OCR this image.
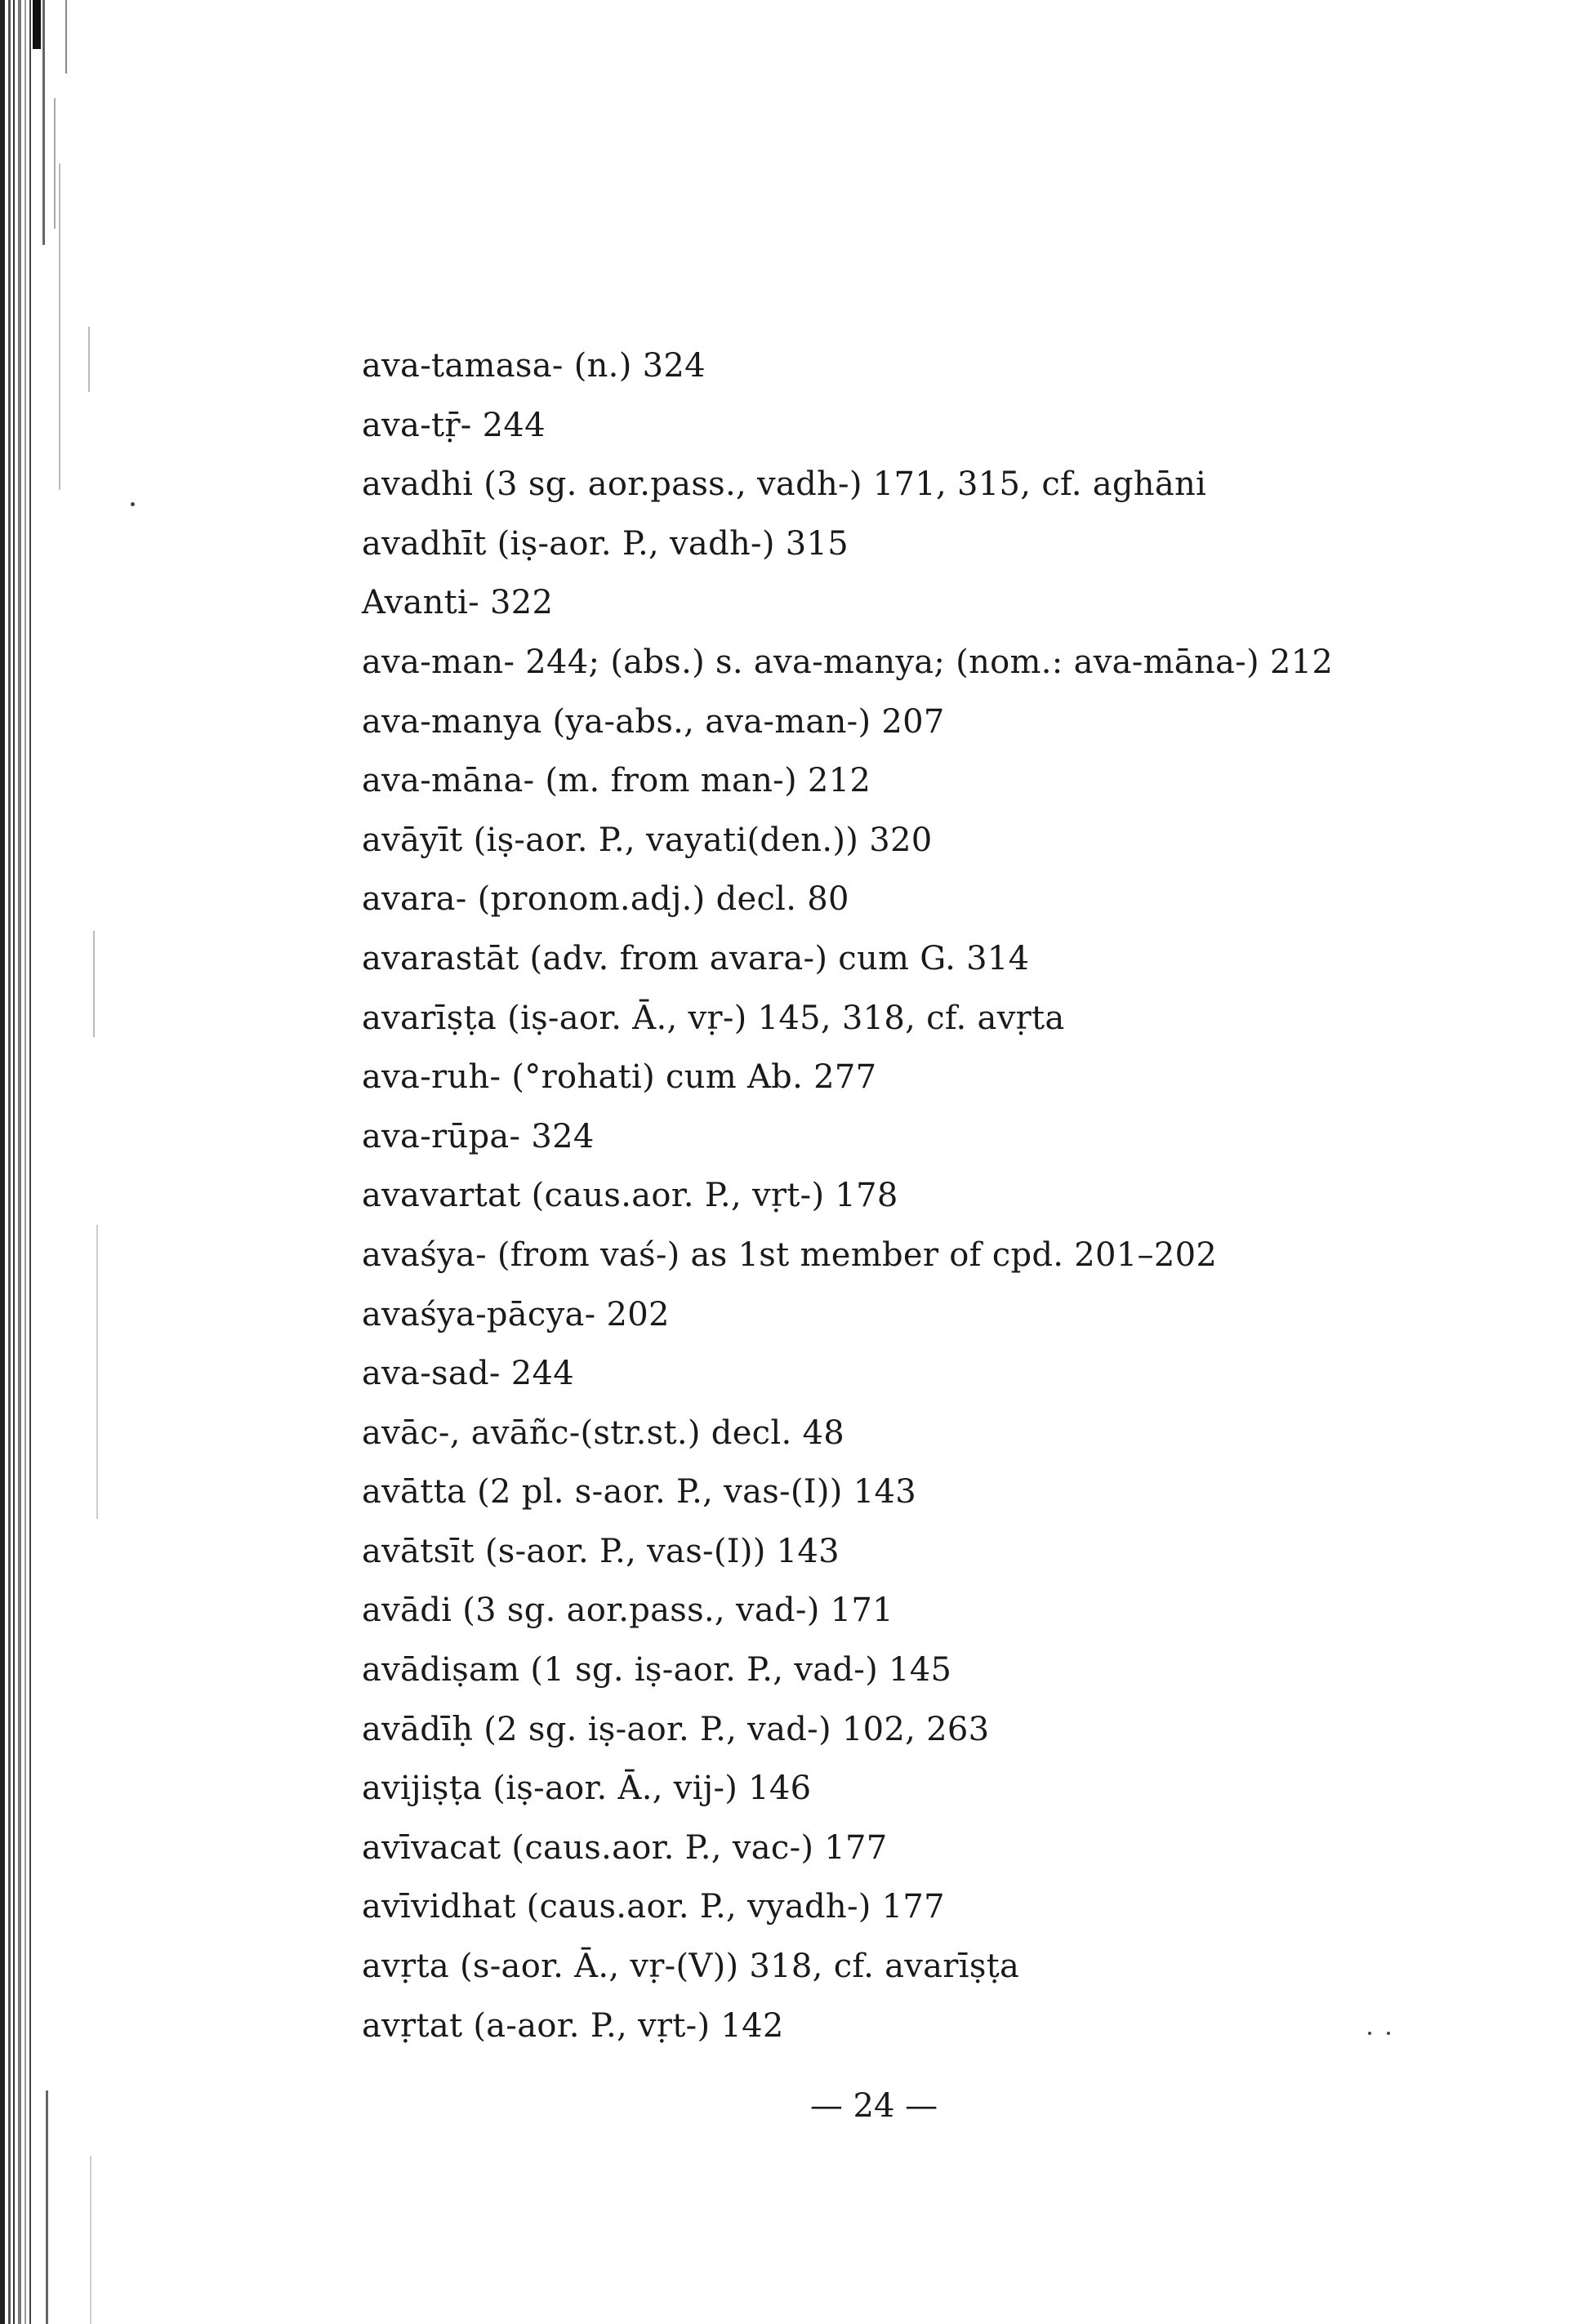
ava-tamasa- (n.) 324
ava-tṝ- 244
avadhi (3 sg. aor.pass., vadh-) 171, 315, cf. aghāni
avadhīt (iṣ-aor. P., vadh-) 315
Avanti- 322
ava-man- 244; (abs.) s. ava-manya; (nom.: ava-māna-) 212
ava-manya (ya-abs., ava-man-) 207
ava-māna- (m. from man-) 212
avāyīt (iṣ-aor. P., vayati(den.)) 320
avara- (pronom.adj.) decl. 80
avarastāt (adv. from avara-) cum G. 314
avarīṣṭa (iṣ-aor. Ā., vṛ-) 145, 318, cf. avṛta
ava-ruh- (°rohati) cum Ab. 277
ava-rūpa- 324
avavartat (caus.aor. P., vṛt-) 178
avaśya- (from vaś-) as 1st member of cpd. 201–202
avaśya-pācya- 202
ava-sad- 244
avāc-, avāñc-(str.st.) decl. 48
avātta (2 pl. s-aor. P., vas-(I)) 143
avātsīt (s-aor. P., vas-(I)) 143
avādi (3 sg. aor.pass., vad-) 171
avādiṣam (1 sg. iṣ-aor. P., vad-) 145
avādīḥ (2 sg. iṣ-aor. P., vad-) 102, 263
avijiṣṭa (iṣ-aor. Ā., vij-) 146
avīvacat (caus.aor. P., vac-) 177
avīvidhat (caus.aor. P., vyadh-) 177
avṛta (s-aor. Ā., vṛ-(V)) 318, cf. avarīṣṭa
avṛtat (a-aor. P., vṛt-) 142
— 24 —
